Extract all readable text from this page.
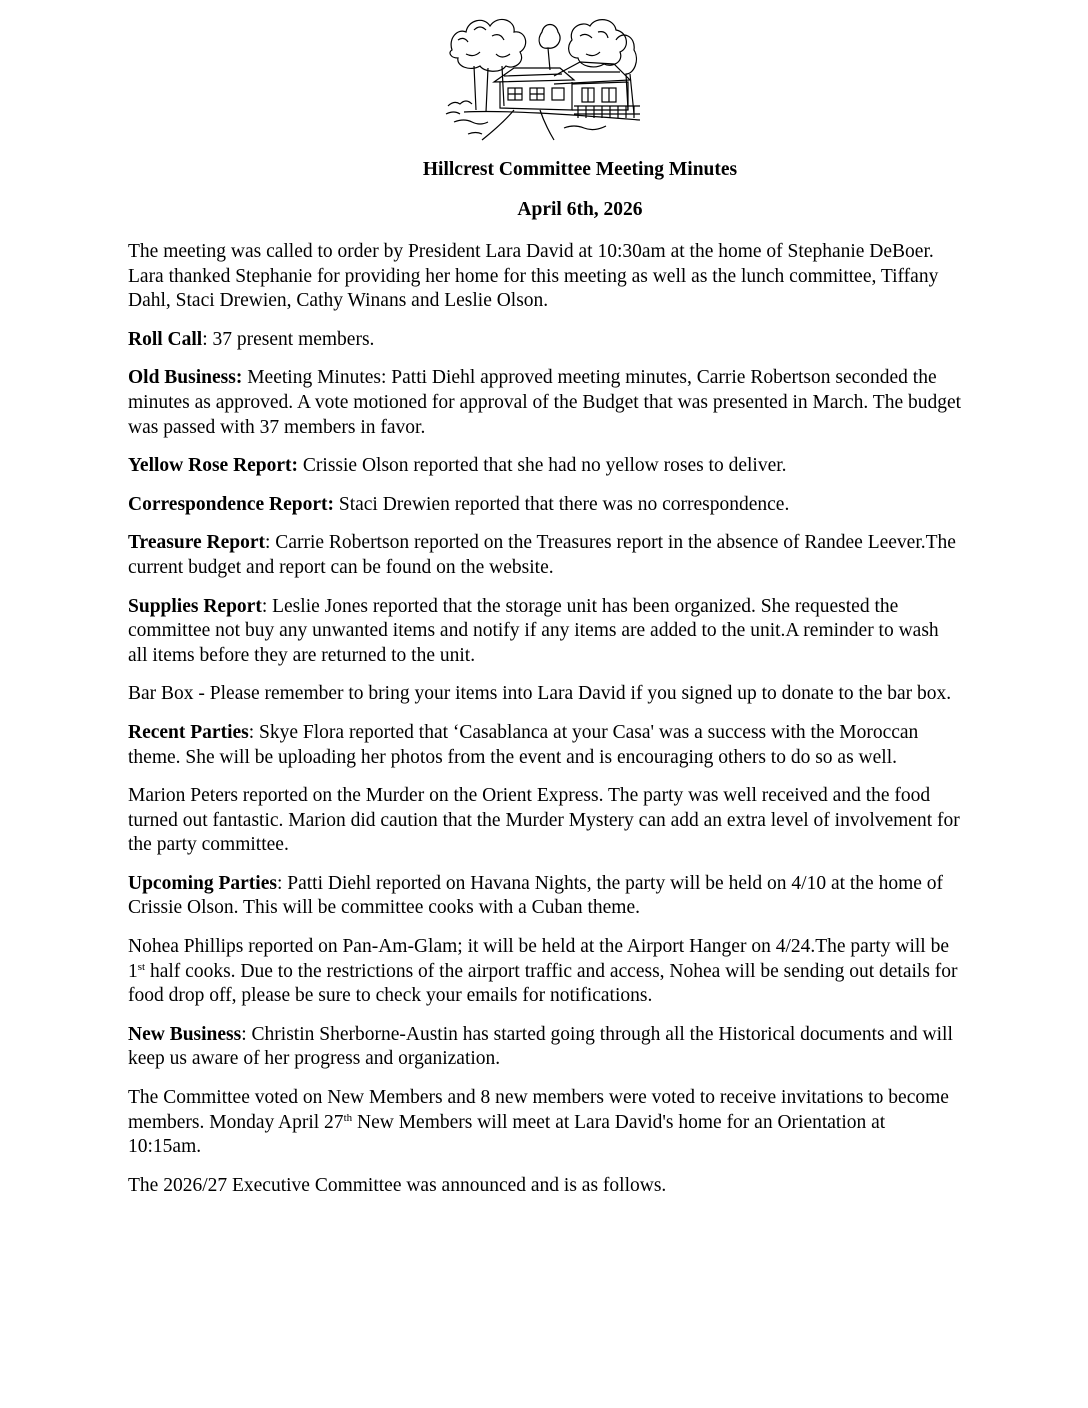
Hillcrest Committee Meeting Minutes
April 6th, 2026

The meeting was called to order by President Lara David at 10:30am at the home of Stephanie DeBoer. Lara thanked Stephanie for providing her home for this meeting as well as the lunch committee, Tiffany Dahl, Staci Drewien, Cathy Winans and Leslie Olson.

Roll Call: 37 present members.

Old Business: Meeting Minutes: Patti Diehl approved meeting minutes, Carrie Robertson seconded the minutes as approved. A vote motioned for approval of the Budget that was presented in March. The budget was passed with 37 members in favor.

Yellow Rose Report: Crissie Olson reported that she had no yellow roses to deliver.

Correspondence Report: Staci Drewien reported that there was no correspondence.

Treasure Report: Carrie Robertson reported on the Treasures report in the absence of Randee Leever.The current budget and report can be found on the website.

Supplies Report: Leslie Jones reported that the storage unit has been organized. She requested the committee not buy any unwanted items and notify if any items are added to the unit.A reminder to wash all items before they are returned to the unit.

Bar Box - Please remember to bring your items into Lara David if you signed up to donate to the bar box.

Recent Parties: Skye Flora reported that ‘Casablanca at your Casa' was a success with the Moroccan theme. She will be uploading her photos from the event and is encouraging others to do so as well.

Marion Peters reported on the Murder on the Orient Express. The party was well received and the food turned out fantastic. Marion did caution that the Murder Mystery can add an extra level of involvement for the party committee.

Upcoming Parties: Patti Diehl reported on Havana Nights, the party will be held on 4/10 at the home of Crissie Olson. This will be committee cooks with a Cuban theme.

Nohea Phillips reported on Pan-Am-Glam; it will be held at the Airport Hanger on 4/24.The party will be 1st half cooks. Due to the restrictions of the airport traffic and access, Nohea will be sending out details for food drop off, please be sure to check your emails for notifications.

New Business: Christin Sherborne-Austin has started going through all the Historical documents and will keep us aware of her progress and organization.

The Committee voted on New Members and 8 new members were voted to receive invitations to become members. Monday April 27th New Members will meet at Lara David's home for an Orientation at 10:15am.

The 2026/27 Executive Committee was announced and is as follows.
